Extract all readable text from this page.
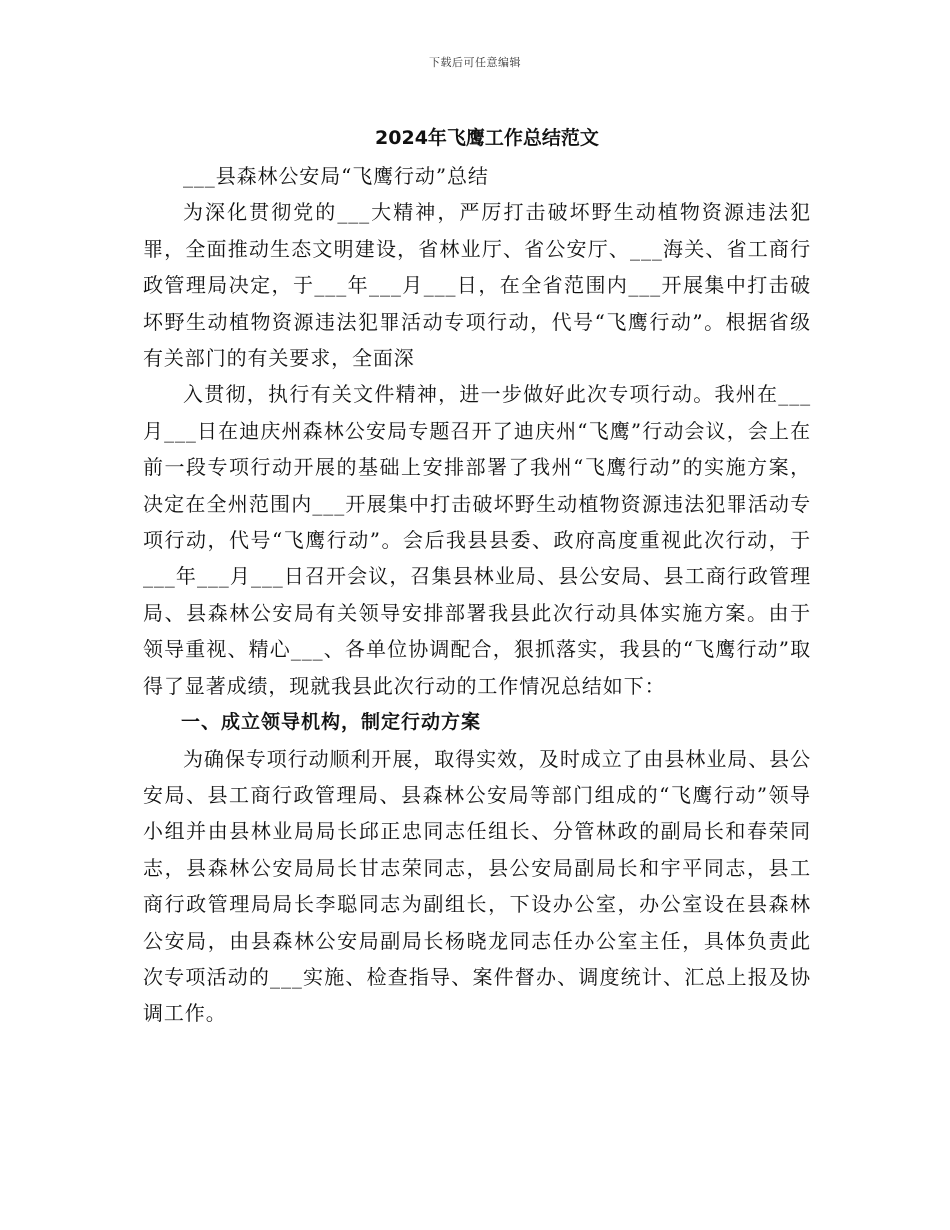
下载后可任意编辑
2024年飞鹰工作总结范文

___县森林公安局“飞鹰行动”总结

为深化贯彻党的___大精神，严厉打击破坏野生动植物资源违法犯罪，全面推动生态文明建设，省林业厅、省公安厅、___海关、省工商行政管理局决定，于___年___月___日，在全省范围内___开展集中打击破坏野生动植物资源违法犯罪活动专项行动，代号“飞鹰行动”。根据省级有关部门的有关要求，全面深

入贯彻，执行有关文件精神，进一步做好此次专项行动。我州在___月___日在迪庆州森林公安局专题召开了迪庆州“飞鹰”行动会议，会上在前一段专项行动开展的基础上安排部署了我州“飞鹰行动”的实施方案，决定在全州范围内___开展集中打击破坏野生动植物资源违法犯罪活动专项行动，代号“飞鹰行动”。会后我县县委、政府高度重视此次行动，于___年___月___日召开会议，召集县林业局、县公安局、县工商行政管理局、县森林公安局有关领导安排部署我县此次行动具体实施方案。由于领导重视、精心___、各单位协调配合，狠抓落实，我县的“飞鹰行动”取得了显著成绩，现就我县此次行动的工作情况总结如下：

一、成立领导机构，制定行动方案

为确保专项行动顺利开展，取得实效，及时成立了由县林业局、县公安局、县工商行政管理局、县森林公安局等部门组成的“飞鹰行动”领导小组并由县林业局局长邱正忠同志任组长、分管林政的副局长和春荣同志，县森林公安局局长甘志荣同志，县公安局副局长和宇平同志，县工商行政管理局局长李聪同志为副组长，下设办公室，办公室设在县森林公安局，由县森林公安局副局长杨晓龙同志任办公室主任，具体负责此次专项活动的___实施、检查指导、案件督办、调度统计、汇总上报及协调工作。
